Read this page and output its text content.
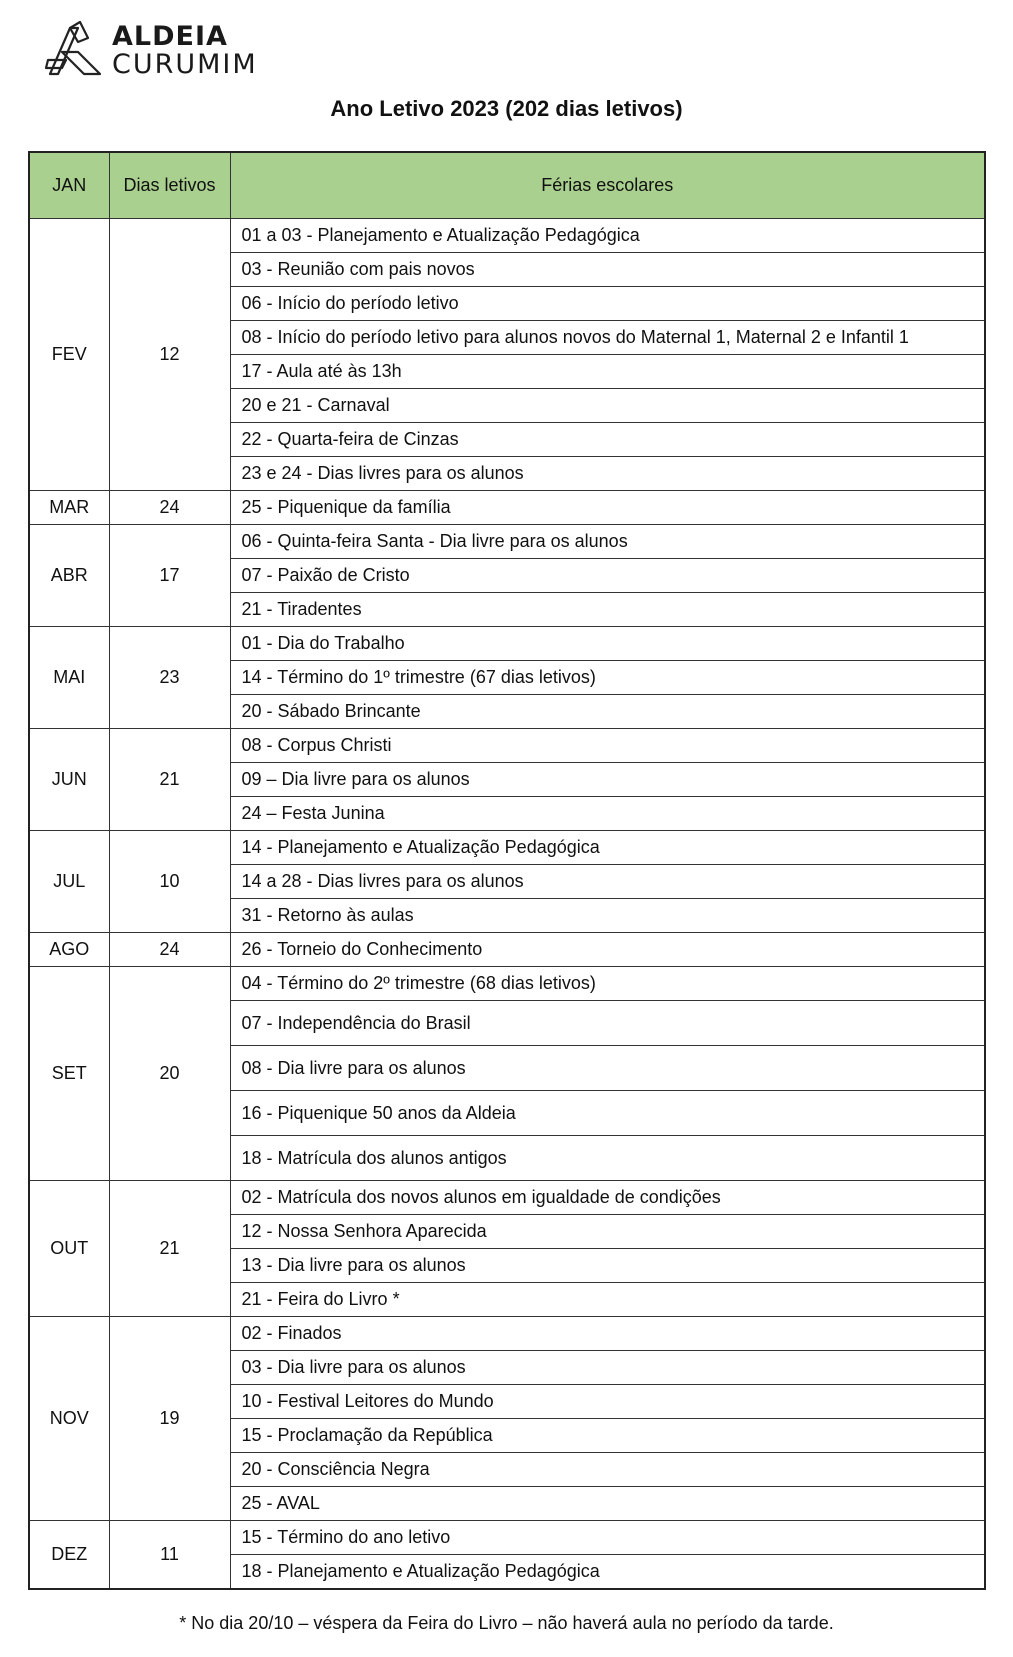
ALDEIA
CURUMIM
Ano Letivo 2023 (202 dias letivos)
JAN	Dias letivos	Férias escolares
FEV	12	01 a 03 - Planejamento e Atualização Pedagógica
		03 - Reunião com pais novos
		06 - Início do período letivo
		08 - Início do período letivo para alunos novos do Maternal 1, Maternal 2 e Infantil 1
		17 - Aula até às 13h
		20 e 21 - Carnaval
		22 - Quarta-feira de Cinzas
		23 e 24 - Dias livres para os alunos
MAR	24	25 - Piquenique da família
ABR	17	06 - Quinta-feira Santa - Dia livre para os alunos
		07 - Paixão de Cristo
		21 - Tiradentes
MAI	23	01 - Dia do Trabalho
		14 - Término do 1º trimestre (67 dias letivos)
		20 - Sábado Brincante
JUN	21	08 - Corpus Christi
		09 – Dia livre para os alunos
		24 – Festa Junina
JUL	10	14 - Planejamento e Atualização Pedagógica
		14 a 28 - Dias livres para os alunos
		31 - Retorno às aulas
AGO	24	26 - Torneio do Conhecimento
SET	20	04 - Término do 2º trimestre (68 dias letivos)
		07 - Independência do Brasil
		08 - Dia livre para os alunos
		16 - Piquenique 50 anos da Aldeia
		18 - Matrícula dos alunos antigos
OUT	21	02 - Matrícula dos novos alunos em igualdade de condições
		12 - Nossa Senhora Aparecida
		13 - Dia livre para os alunos
		21 - Feira do Livro *
NOV	19	02 - Finados
		03 - Dia livre para os alunos
		10 - Festival Leitores do Mundo
		15 - Proclamação da República
		20 - Consciência Negra
		25 - AVAL
DEZ	11	15 - Término do ano letivo
		18 - Planejamento e Atualização Pedagógica
* No dia 20/10 – véspera da Feira do Livro – não haverá aula no período da tarde.
